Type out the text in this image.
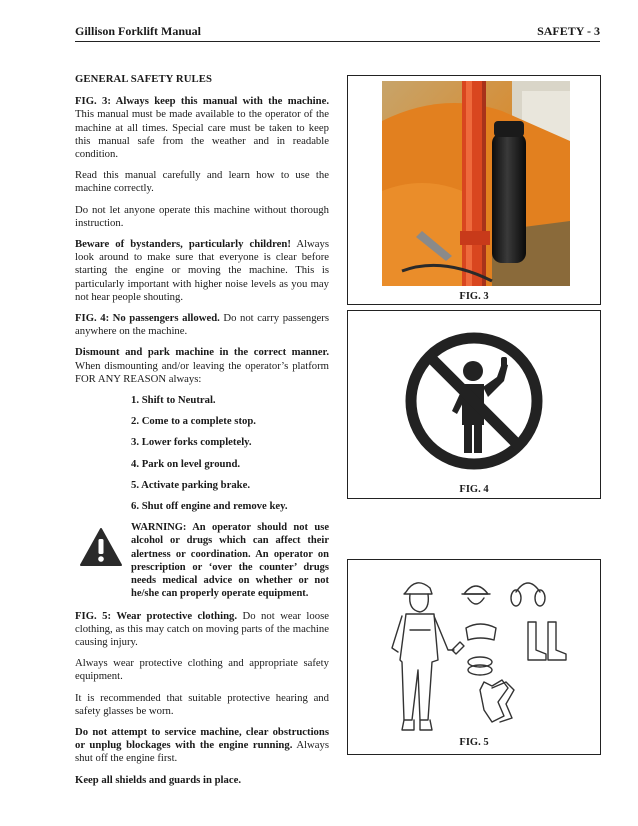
Gillison Forklift Manual	SAFETY - 3
GENERAL SAFETY RULES

FIG. 3: Always keep this manual with the machine. This manual must be made available to the operator of the machine at all times. Special care must be taken to keep this manual safe from the weather and in readable condition.

Read this manual carefully and learn how to use the machine correctly.

Do not let anyone operate this machine without thorough instruction.

Beware of bystanders, particularly children! Always look around to make sure that everyone is clear before starting the engine or moving the machine. This is particularly important with higher noise levels as you may not hear people shouting.

FIG. 4: No passengers allowed. Do not carry passengers anywhere on the machine.

Dismount and park machine in the correct manner. When dismounting and/or leaving the operator’s platform FOR ANY REASON always:

1. Shift to Neutral.
2. Come to a complete stop.
3. Lower forks completely.
4. Park on level ground.
5. Activate parking brake.
6. Shut off engine and remove key.
WARNING: An operator should not use alcohol or drugs which can affect their alertness or coordination. An operator on prescription or ‘over the counter’ drugs needs medical advice on whether or not he/she can properly operate equipment.

FIG. 5: Wear protective clothing. Do not wear loose clothing, as this may catch on moving parts of the machine causing injury.

Always wear protective clothing and appropriate safety equipment.

It is recommended that suitable protective hearing and safety glasses be worn.

Do not attempt to service machine, clear obstructions or unplug blockages with the engine running. Always shut off the engine first.

Keep all shields and guards in place.

FIG. 3
FIG. 4
FIG. 5
